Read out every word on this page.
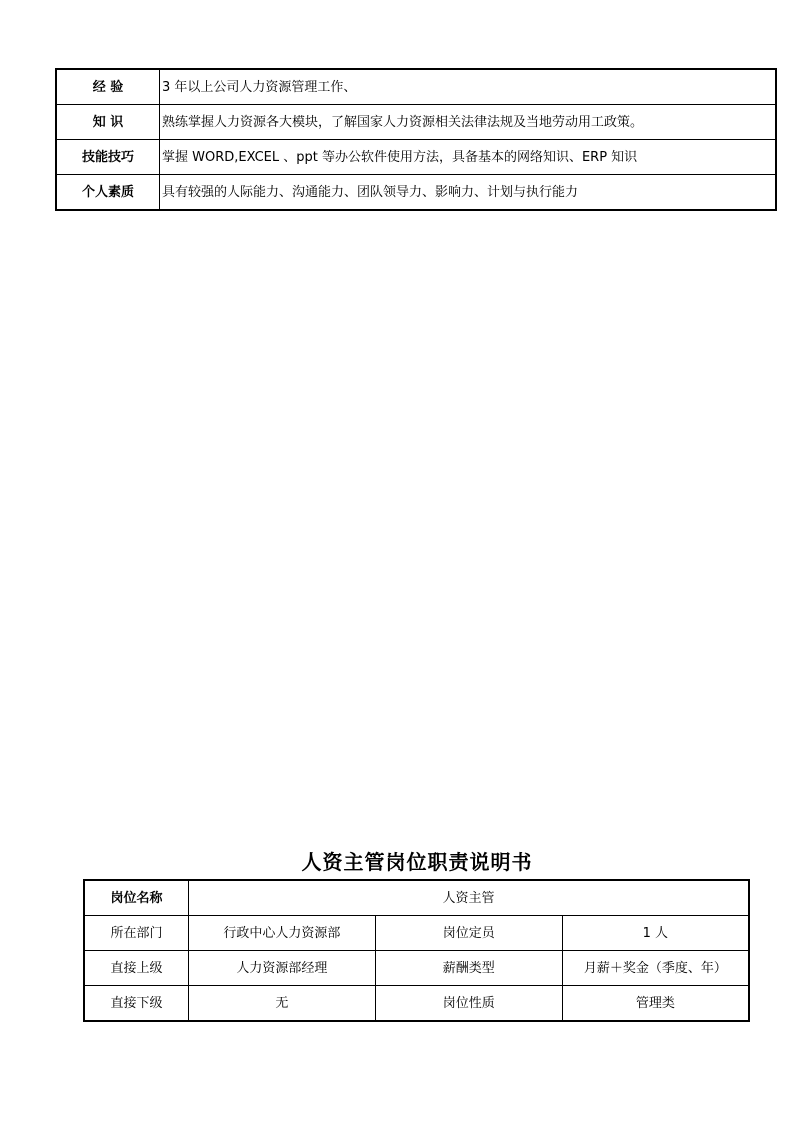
经 验	3 年以上公司人力资源管理工作、
知 识	熟练掌握人力资源各大模块，了解国家人力资源相关法律法规及当地劳动用工政策。
技能技巧	掌握 WORD,EXCEL 、ppt 等办公软件使用方法，具备基本的网络知识、ERP 知识
个人素质	具有较强的人际能力、沟通能力、团队领导力、影响力、计划与执行能力
人资主管岗位职责说明书
岗位名称	人资主管		
所在部门	行政中心人力资源部	岗位定员	1 人
直接上级	人力资源部经理	薪酬类型	月薪＋奖金（季度、年）
直接下级	无	岗位性质	管理类
